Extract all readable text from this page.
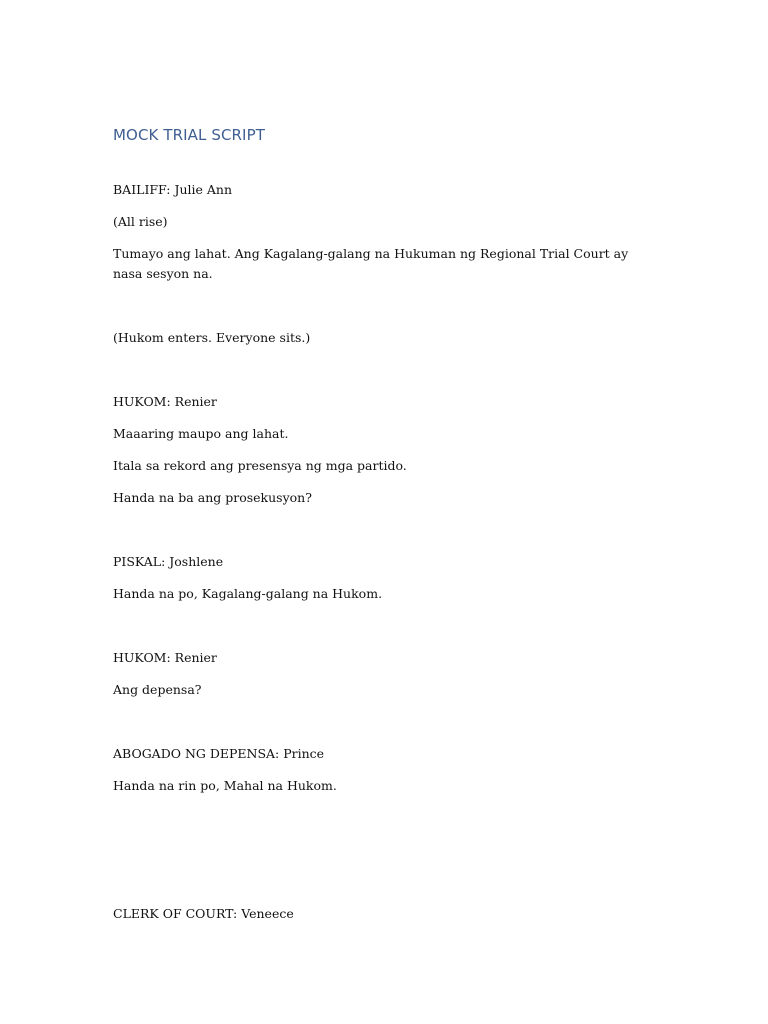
MOCK TRIAL SCRIPT
BAILIFF: Julie Ann
(All rise)
Tumayo ang lahat. Ang Kagalang-galang na Hukuman ng Regional Trial Court ay nasa sesyon na.
(Hukom enters. Everyone sits.)
HUKOM: Renier
Maaaring maupo ang lahat.
Itala sa rekord ang presensya ng mga partido.
Handa na ba ang prosekusyon?
PISKAL: Joshlene
Handa na po, Kagalang-galang na Hukom.
HUKOM: Renier
Ang depensa?
ABOGADO NG DEPENSA: Prince
Handa na rin po, Mahal na Hukom.
CLERK OF COURT: Veneece
